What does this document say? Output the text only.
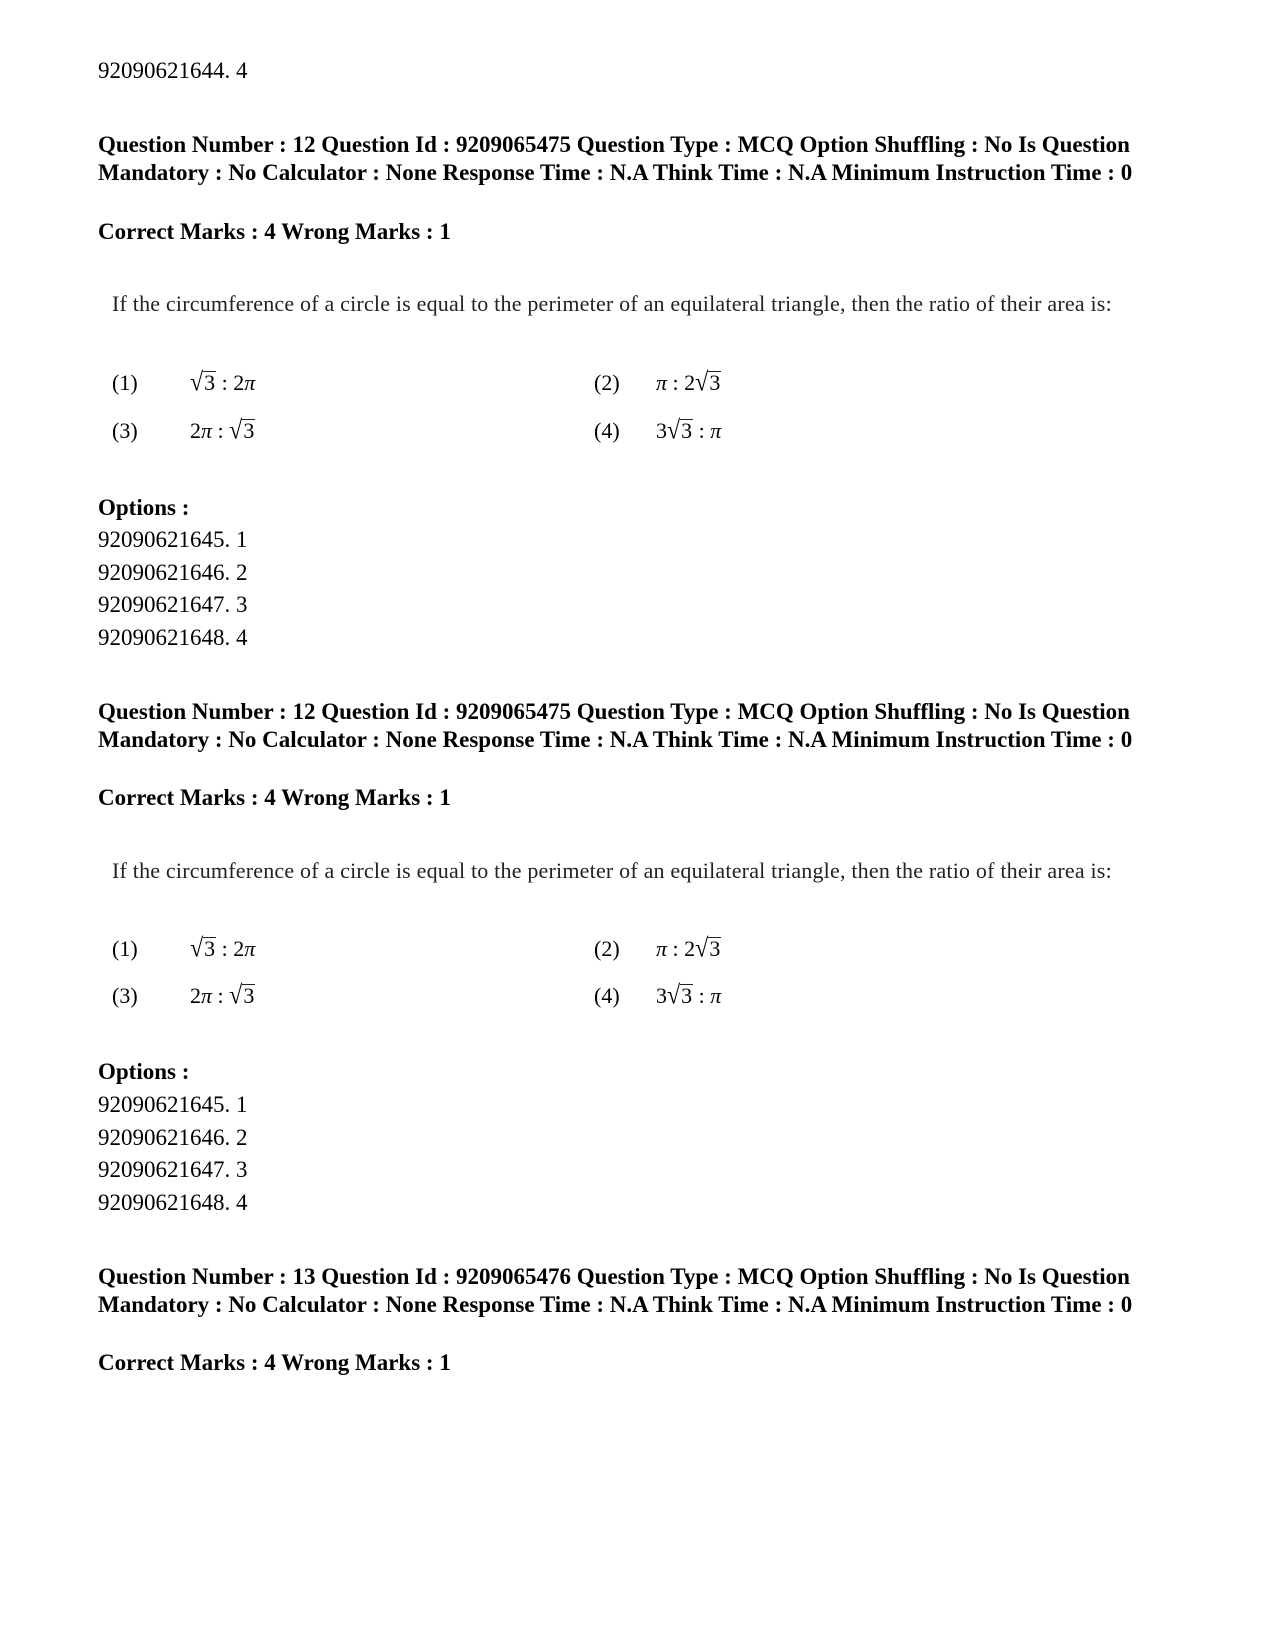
92090621644. 4
Question Number : 12 Question Id : 9209065475 Question Type : MCQ Option Shuffling : No Is Question Mandatory : No Calculator : None Response Time : N.A Think Time : N.A Minimum Instruction Time : 0
Correct Marks : 4 Wrong Marks : 1
If the circumference of a circle is equal to the perimeter of an equilateral triangle, then the ratio of their area is:
(1) √3 : 2π	(2) π : 2√3
(3) 2π : √3	(4) 3√3 : π
Options :
92090621645. 1
92090621646. 2
92090621647. 3
92090621648. 4
Question Number : 12 Question Id : 9209065475 Question Type : MCQ Option Shuffling : No Is Question Mandatory : No Calculator : None Response Time : N.A Think Time : N.A Minimum Instruction Time : 0
Correct Marks : 4 Wrong Marks : 1
If the circumference of a circle is equal to the perimeter of an equilateral triangle, then the ratio of their area is:
(1) √3 : 2π	(2) π : 2√3
(3) 2π : √3	(4) 3√3 : π
Options :
92090621645. 1
92090621646. 2
92090621647. 3
92090621648. 4
Question Number : 13 Question Id : 9209065476 Question Type : MCQ Option Shuffling : No Is Question Mandatory : No Calculator : None Response Time : N.A Think Time : N.A Minimum Instruction Time : 0
Correct Marks : 4 Wrong Marks : 1
